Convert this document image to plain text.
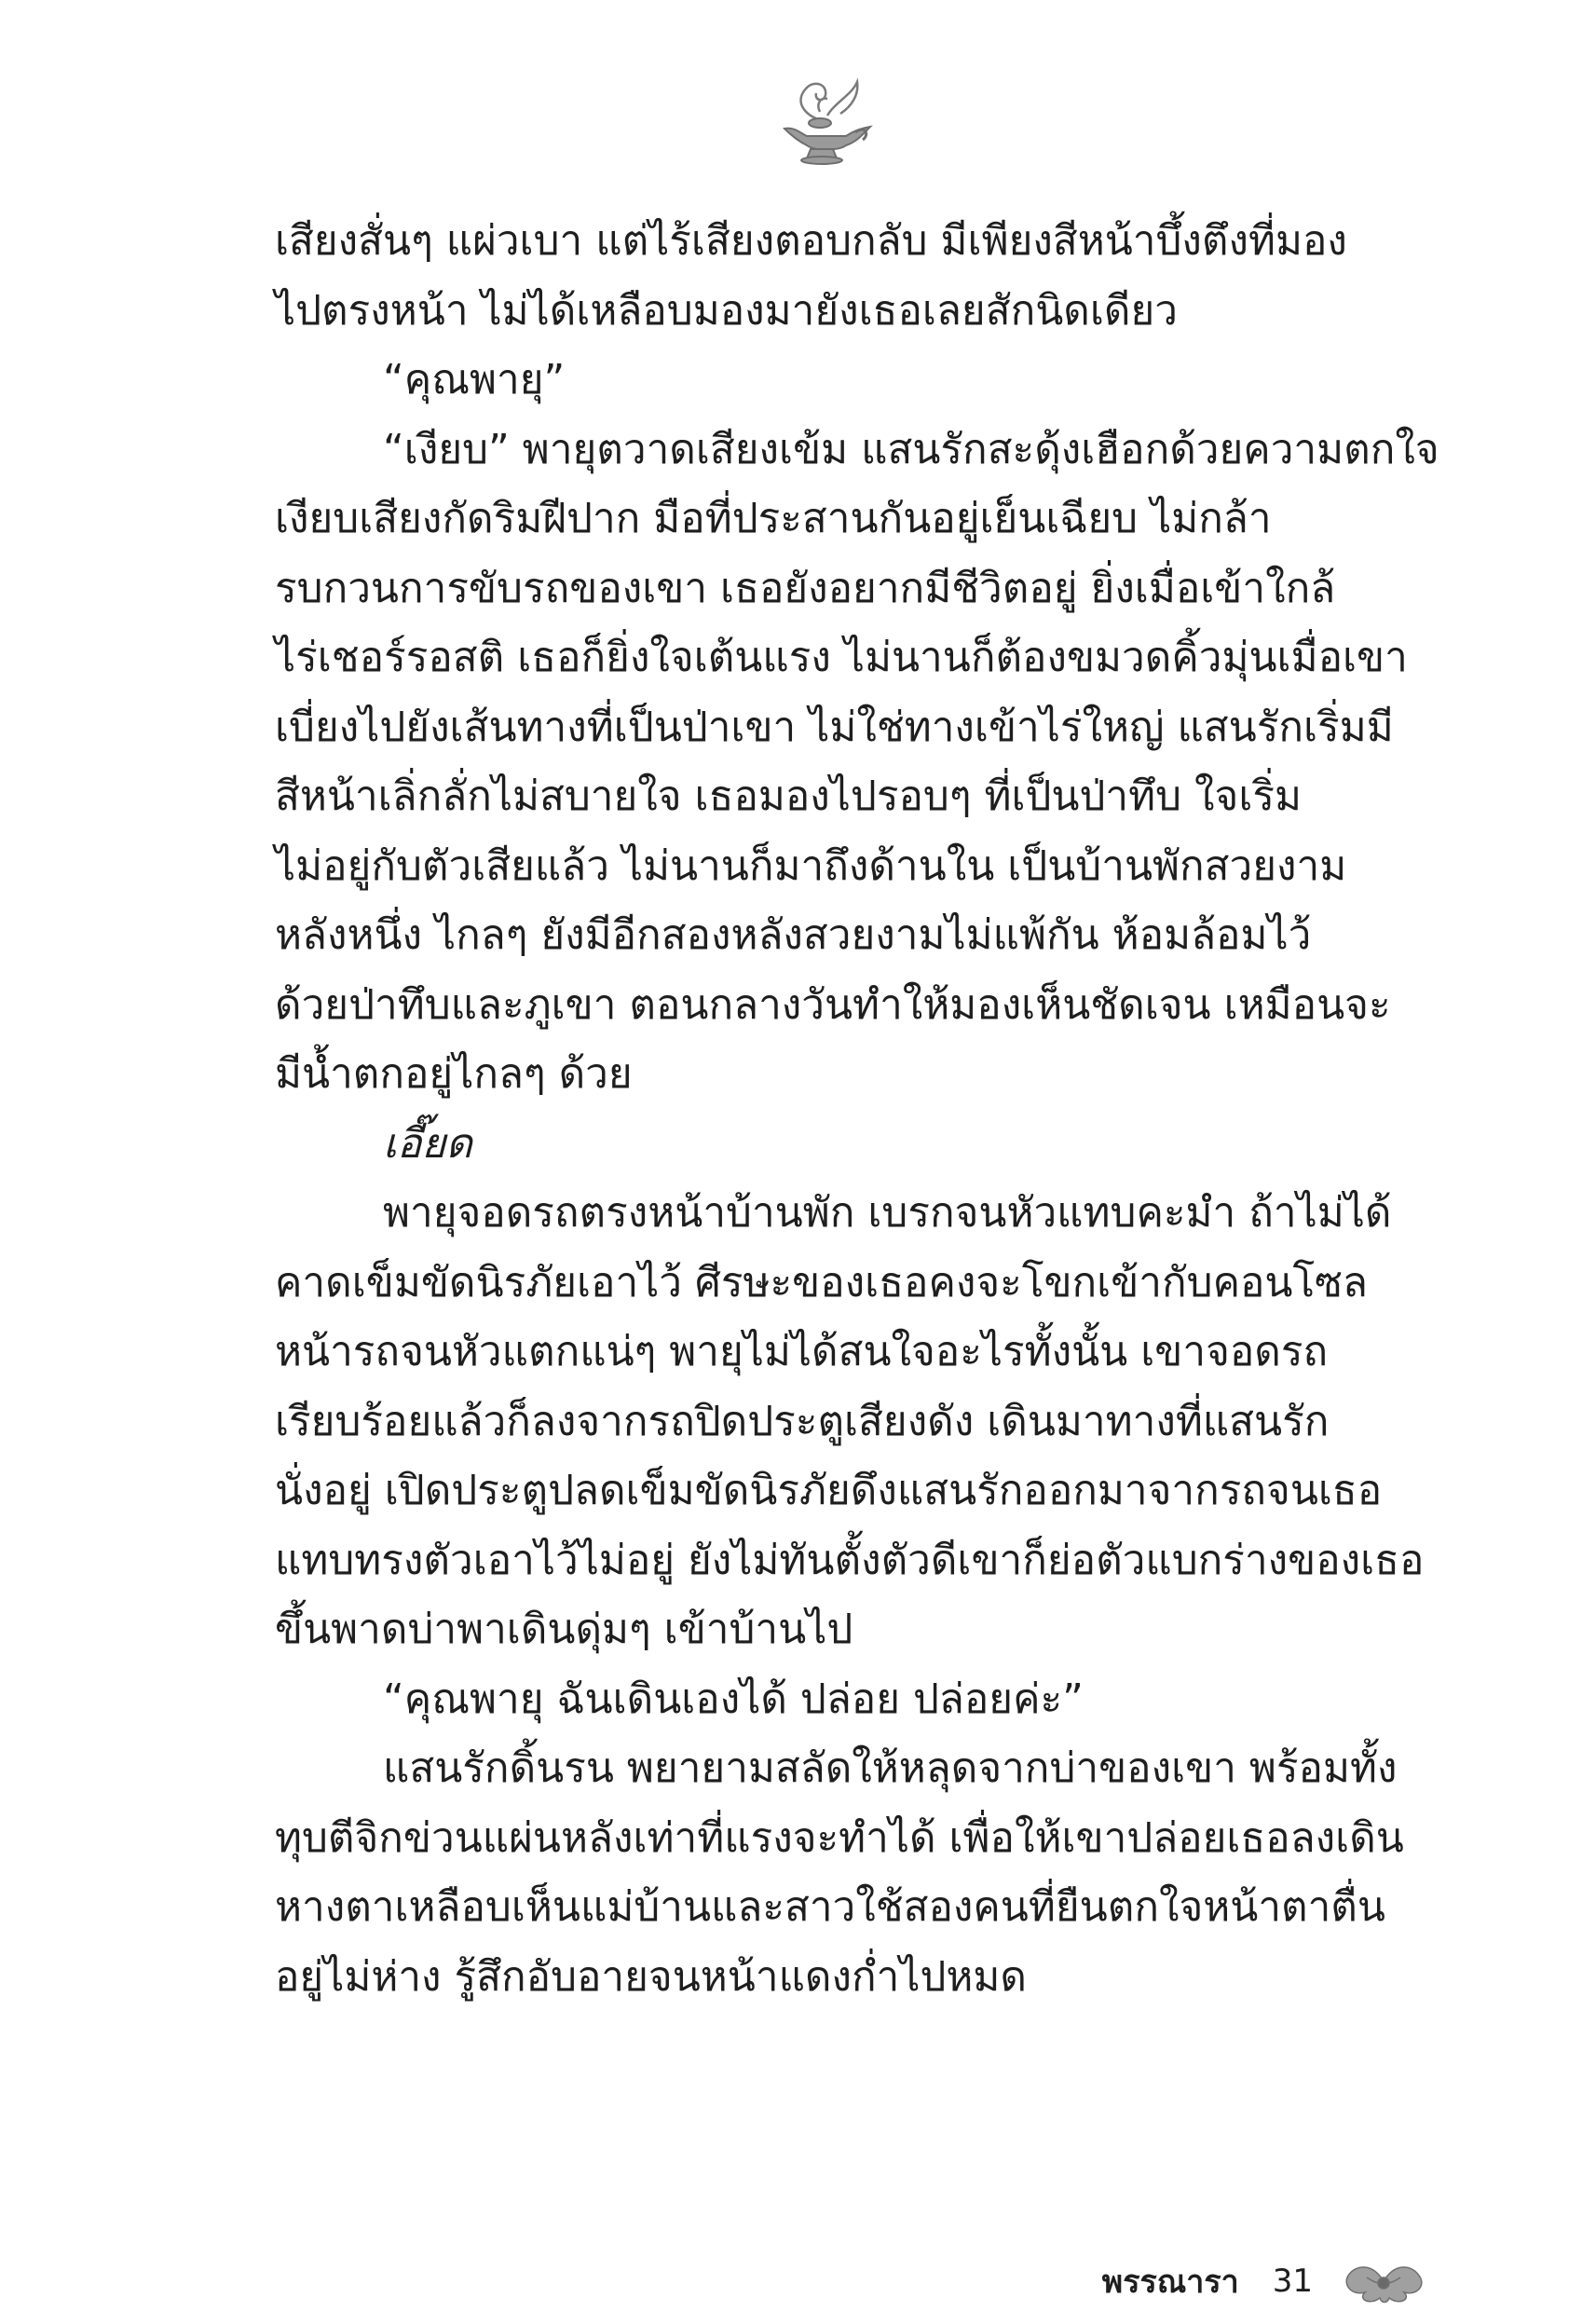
เสียงสั่นๆ แผ่วเบา แต่ไร้เสียงตอบกลับ มีเพียงสีหน้าบึ้งตึงที่มอง
ไปตรงหน้า ไม่ได้เหลือบมองมายังเธอเลยสักนิดเดียว
“คุณพายุ”
“เงียบ” พายุตวาดเสียงเข้ม แสนรักสะดุ้งเฮือกด้วยความตกใจ
เงียบเสียงกัดริมฝีปาก มือที่ประสานกันอยู่เย็นเฉียบ ไม่กล้า
รบกวนการขับรถของเขา เธอยังอยากมีชีวิตอยู่ ยิ่งเมื่อเข้าใกล้
ไร่เชอร์รอสติ เธอก็ยิ่งใจเต้นแรง ไม่นานก็ต้องขมวดคิ้วมุ่นเมื่อเขา
เบี่ยงไปยังเส้นทางที่เป็นป่าเขา ไม่ใช่ทางเข้าไร่ใหญ่ แสนรักเริ่มมี
สีหน้าเลิ่กลั่กไม่สบายใจ เธอมองไปรอบๆ ที่เป็นป่าทึบ ใจเริ่ม
ไม่อยู่กับตัวเสียแล้ว ไม่นานก็มาถึงด้านใน เป็นบ้านพักสวยงาม
หลังหนึ่ง ไกลๆ ยังมีอีกสองหลังสวยงามไม่แพ้กัน ห้อมล้อมไว้
ด้วยป่าทึบและภูเขา ตอนกลางวันทำให้มองเห็นชัดเจน เหมือนจะ
มีน้ำตกอยู่ไกลๆ ด้วย
เอี๊ยด
พายุจอดรถตรงหน้าบ้านพัก เบรกจนหัวแทบคะมำ ถ้าไม่ได้
คาดเข็มขัดนิรภัยเอาไว้ ศีรษะของเธอคงจะโขกเข้ากับคอนโซล
หน้ารถจนหัวแตกแน่ๆ พายุไม่ได้สนใจอะไรทั้งนั้น เขาจอดรถ
เรียบร้อยแล้วก็ลงจากรถปิดประตูเสียงดัง เดินมาทางที่แสนรัก
นั่งอยู่ เปิดประตูปลดเข็มขัดนิรภัยดึงแสนรักออกมาจากรถจนเธอ
แทบทรงตัวเอาไว้ไม่อยู่ ยังไม่ทันตั้งตัวดีเขาก็ย่อตัวแบกร่างของเธอ
ขึ้นพาดบ่าพาเดินดุ่มๆ เข้าบ้านไป
“คุณพายุ ฉันเดินเองได้ ปล่อย ปล่อยค่ะ”
แสนรักดิ้นรน พยายามสลัดให้หลุดจากบ่าของเขา พร้อมทั้ง
ทุบตีจิกข่วนแผ่นหลังเท่าที่แรงจะทำได้ เพื่อให้เขาปล่อยเธอลงเดิน
หางตาเหลือบเห็นแม่บ้านและสาวใช้สองคนที่ยืนตกใจหน้าตาตื่น
อยู่ไม่ห่าง รู้สึกอับอายจนหน้าแดงก่ำไปหมด
พรรณารา 31
